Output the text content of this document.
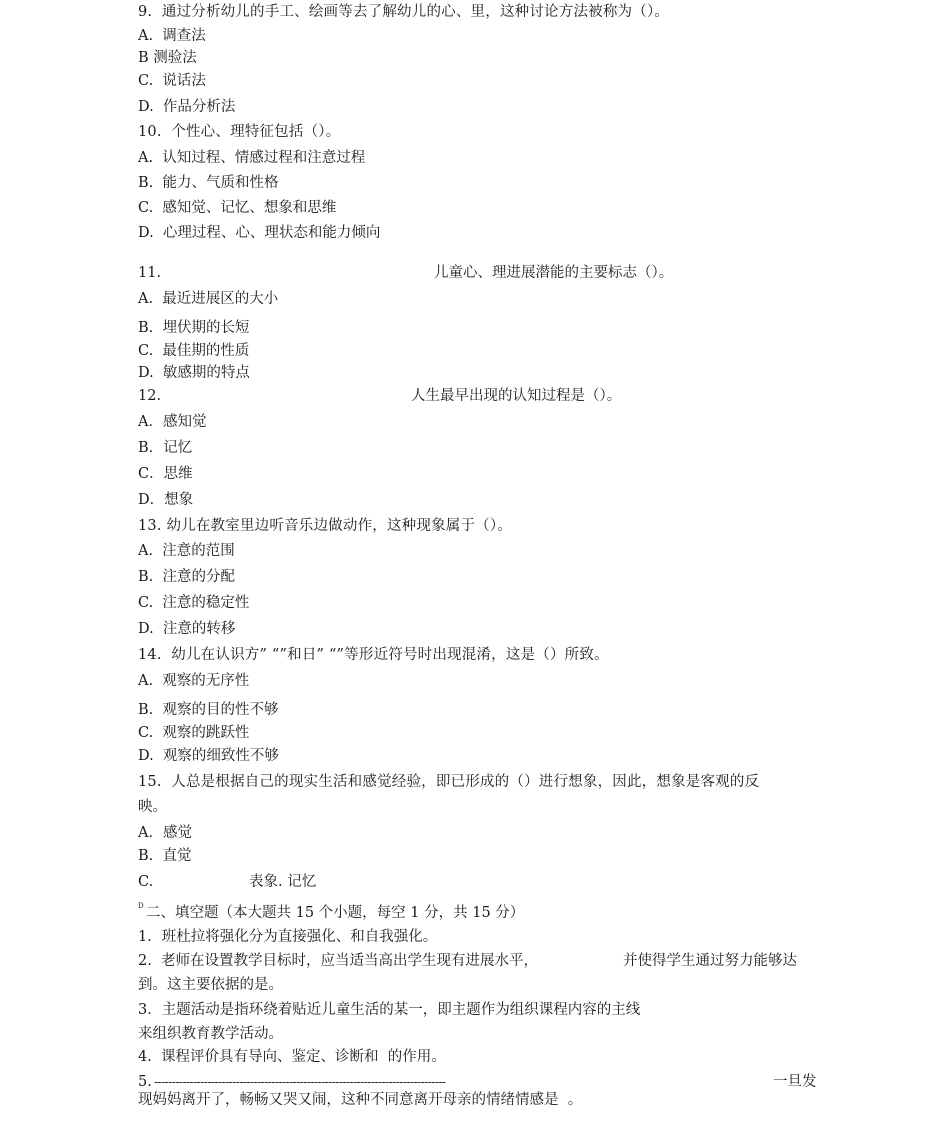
9.  通过分析幼儿的手工、绘画等去了解幼儿的心、里，这种讨论方法被称为（）。
A.  调查法
B 测验法
C.  说话法
D.  作品分析法
10.  个性心、理特征包括（）。
A.  认知过程、情感过程和注意过程
B.  能力、气质和性格
C.  感知觉、记忆、想象和思维
D.  心理过程、心、理状态和能力倾向
11.	儿童心、理进展潜能的主要标志（）。
A.  最近进展区的大小
B.  埋伏期的长短
C.  最佳期的性质
D.  敏感期的特点
12.	人生最早出现的认知过程是（）。
A．感知觉
B．记忆
C．思维
D．想象
13. 幼儿在教室里边听音乐边做动作，这种现象属于（）。
A.  注意的范围
B.  注意的分配
C.  注意的稳定性
D.  注意的转移
14.  幼儿在认识方” “”和日” “”等形近符号时出现混淆，这是（）所致。
A.  观察的无序性
B.  观察的目的性不够
C.  观察的跳跃性
D.  观察的细致性不够
15.  人总是根据自己的现实生活和感觉经验，即已形成的（）进行想象，因此，想象是客观的反
映。
A．感觉
B.  直觉
C.	表象. 记忆
D 二、填空题（本大题共 15 个小题，每空 1 分，共 15 分）
1．班杜拉将强化分为直接强化、和自我强化。
2.  老师在设置教学目标时，应当适当高出学生现有进展水平，	并使得学生通过努力能够达
到。这主要依据的是。
3．主题活动是指环绕着贴近儿童生活的某一，即主题作为组织课程内容的主线
来组织教育教学活动。
4.  课程评价具有导向、鉴定、诊断和  的作用。
5. ----------------------------------------------------------------------------------	一旦发
现妈妈离开了，畅畅又哭又闹，这种不同意离开母亲的情绪情感是  。
